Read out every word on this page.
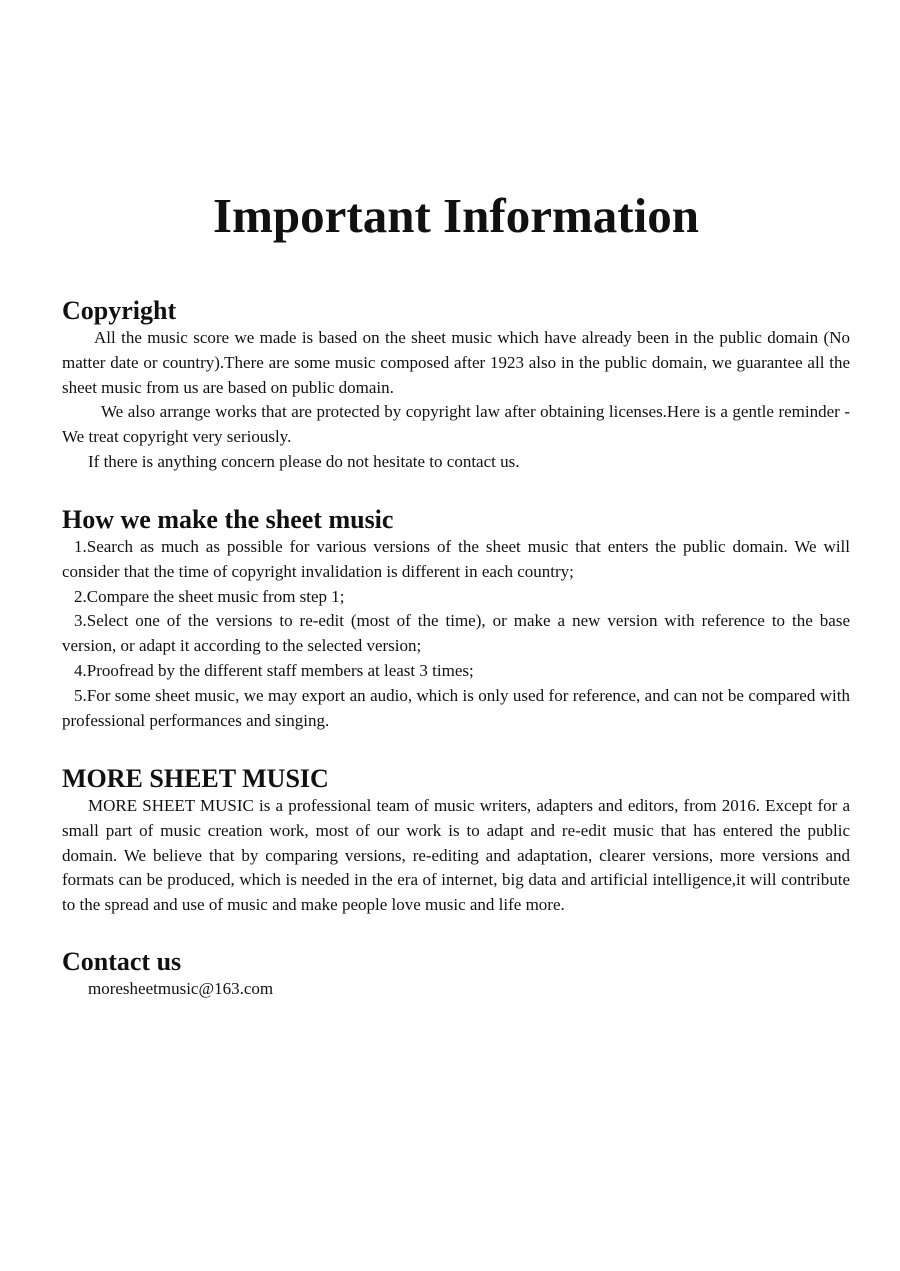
Important Information
Copyright

All the music score we made is based on the sheet music which have already been in the public domain (No matter date or country).There are some music composed after 1923 also in the public domain, we guarantee all the sheet music from us are based on public domain.

We also arrange works that are protected by copyright law after obtaining licenses.Here is a gentle reminder - We treat copyright very seriously.

If there is anything concern please do not hesitate to contact us.

How we make the sheet music

1.Search as much as possible for various versions of the sheet music that enters the public domain. We will consider that the time of copyright invalidation is different in each country;

2.Compare the sheet music from step 1;

3.Select one of the versions to re-edit (most of the time), or make a new version with reference to the base version, or adapt it according to the selected version;

4.Proofread by the different staff members at least 3 times;

5.For some sheet music, we may export an audio, which is only used for reference, and can not be compared with professional performances and singing.

MORE SHEET MUSIC

MORE SHEET MUSIC is a professional team of music writers, adapters and editors, from 2016. Except for a small part of music creation work, most of our work is to adapt and re-edit music that has entered the public domain. We believe that by comparing versions, re-editing and adaptation, clearer versions, more versions and formats can be produced, which is needed in the era of internet, big data and artificial intelligence,it will contribute to the spread and use of music and make people love music and life more.

Contact us

moresheetmusic@163.com
